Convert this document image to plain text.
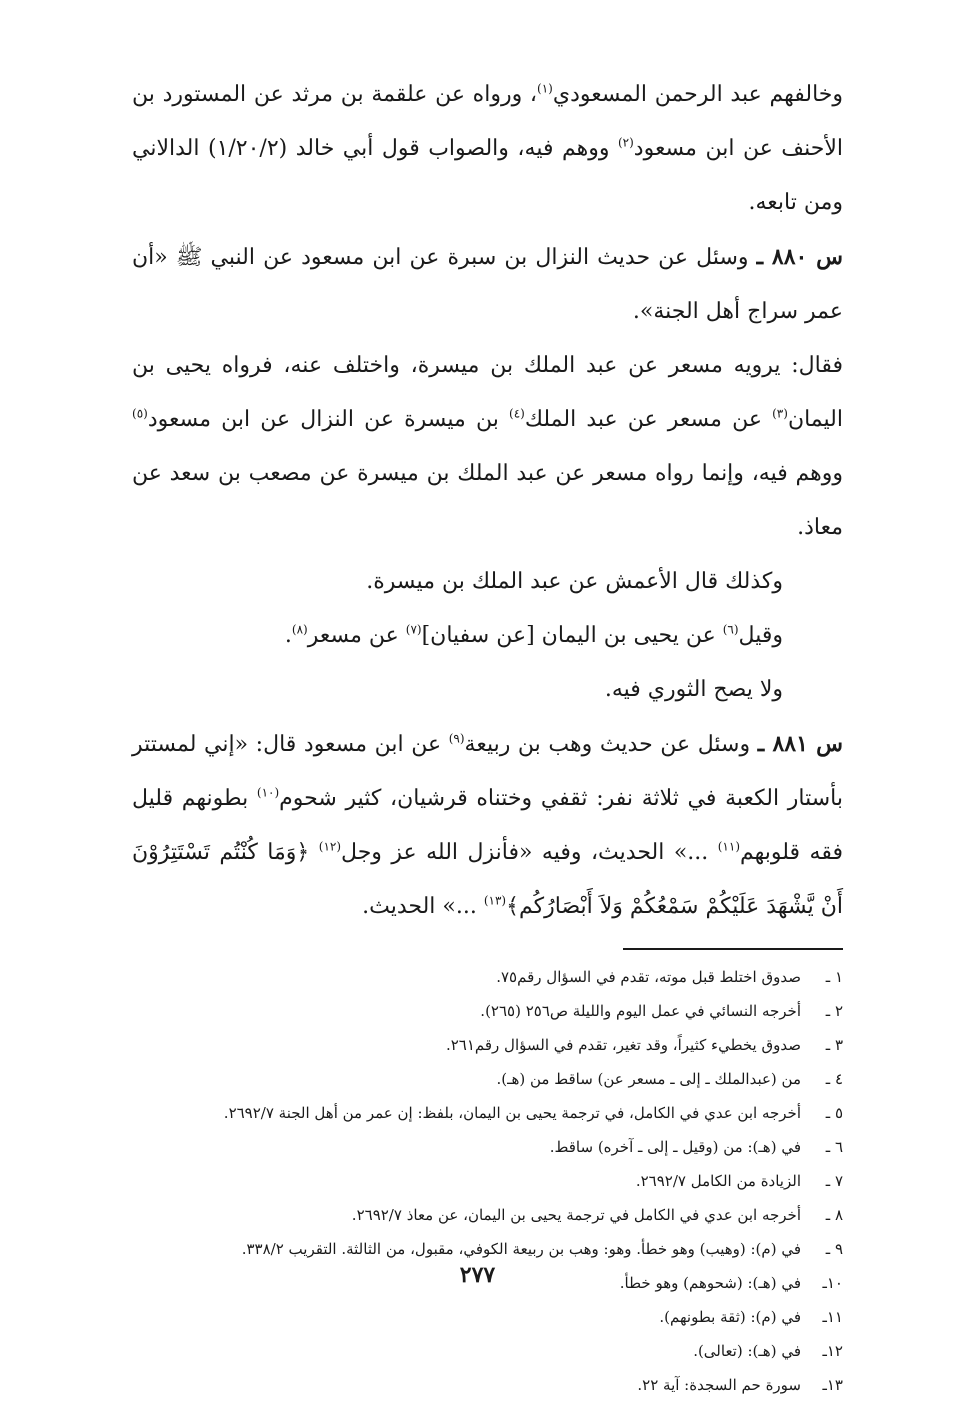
وخالفهم عبد الرحمن المسعودي$^{(١)}$، ورواه عن علقمة بن مرثد عن المستورد بن الأحنف عن ابن مسعود$^{(٢)}$ ووهم فيه، والصواب قول أبي خالد (١/٢٠/٢) الدالاني ومن تابعه.

س ٨٨٠ ـ وسئل عن حديث النزال بن سبرة عن ابن مسعود عن النبي ﷺ «أن عمر سراج أهل الجنة».

فقال: يرويه مسعر عن عبد الملك بن ميسرة، واختلف عنه، فرواه يحيى بن اليمان$^{(٣)}$ عن مسعر عن عبد الملك$^{(٤)}$ بن ميسرة عن النزال عن ابن مسعود$^{(٥)}$ ووهم فيه، وإنما رواه مسعر عن عبد الملك بن ميسرة عن مصعب بن سعد عن معاذ.

وكذلك قال الأعمش عن عبد الملك بن ميسرة.

وقيل$^{(٦)}$ عن يحيى بن اليمان [عن سفيان]$^{(٧)}$ عن مسعر$^{(٨)}$.

ولا يصح الثوري فيه.

س ٨٨١ ـ وسئل عن حديث وهب بن ربيعة$^{(٩)}$ عن ابن مسعود قال: «إني لمستتر بأستار الكعبة في ثلاثة نفر: ثقفي وختناه قرشيان، كثير شحوم$^{(١٠)}$ بطونهم قليل فقه قلوبهم$^{(١١)}$ ...» الحديث، وفيه «فأنزل الله عز وجل$^{(١٢)}$ ﴿وَمَا كُنْتُم تَسْتَتِرُوْنَ أَنْ يَّشْهَدَ عَلَيْكُمْ سَمْعُكُمْ وَلاَ أَبْصَارُكُم﴾$^{(١٣)}$ ...» الحديث.

١ ـصدوق اختلط قبل موته، تقدم في السؤال رقم٧٥.

٢ ـأخرجه النسائي في عمل اليوم والليلة ص٢٥٦ (٢٦٥).

٣ ـصدوق يخطيء كثيراً، وقد تغير، تقدم في السؤال رقم٢٦١.

٤ ـمن (عبدالملك ـ إلى ـ مسعر عن) ساقط من (هـ).

٥ ـأخرجه ابن عدي في الكامل، في ترجمة يحيى بن اليمان، بلفظ: إن عمر من أهل الجنة ٢٦٩٢/٧.

٦ ـفي (هـ): من (وقيل ـ إلى ـ آخره) ساقط.

٧ ـالزيادة من الكامل ٢٦٩٢/٧.

٨ ـأخرجه ابن عدي في الكامل في ترجمة يحيى بن اليمان، عن معاذ ٢٦٩٢/٧.

٩ ـفي (م): (وهيب) وهو خطأ. وهو: وهب بن ربيعة الكوفي، مقبول، من الثالثة. التقريب ٣٣٨/٢.

١٠ـفي (هـ): (شحوهم) وهو خطأ.

١١ـفي (م): (ثقة بطونهم).

١٢ـفي (هـ): (تعالى).

١٣ـسورة حم السجدة: آية ٢٢.

٢٧٧
